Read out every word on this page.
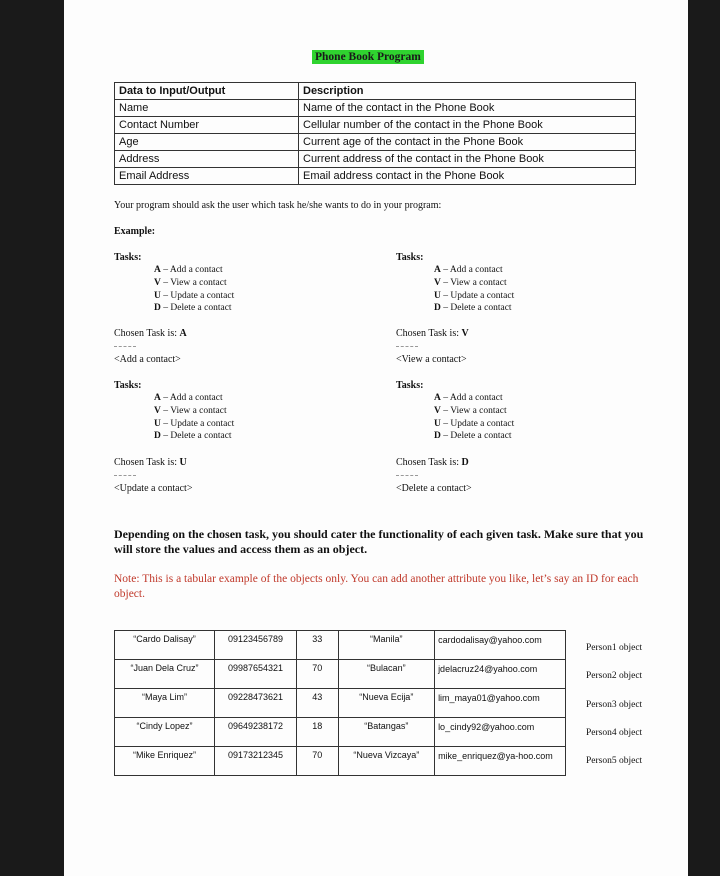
Phone Book Program
Data to Input/Output	Description
Name	Name of the contact in the Phone Book
Contact Number	Cellular number of the contact in the Phone Book
Age	Current age of the contact in the Phone Book
Address	Current address of the contact in the Phone Book
Email Address	Email address contact in the Phone Book
Your program should ask the user which task he/she wants to do in your program:
Example:
Tasks:
A – Add a contact
V – View a contact
U – Update a contact
D – Delete a contact
Chosen Task is: A
<Add a contact>
Tasks:
A – Add a contact
V – View a contact
U – Update a contact
D – Delete a contact
Chosen Task is: V
<View a contact>
Tasks:
A – Add a contact
V – View a contact
U – Update a contact
D – Delete a contact
Chosen Task is: U
<Update a contact>
Tasks:
A – Add a contact
V – View a contact
U – Update a contact
D – Delete a contact
Chosen Task is: D
<Delete a contact>
Depending on the chosen task, you should cater the functionality of each given task. Make sure that you will store the values and access them as an object.
Note: This is a tabular example of the objects only. You can add another attribute you like, let’s say an ID for each object.
“Cardo Dalisay”	09123456789	33	“Manila”	cardodalisay@yahoo.com
“Juan Dela Cruz”	09987654321	70	“Bulacan”	jdelacruz24@yahoo.com
“Maya Lim”	09228473621	43	“Nueva Ecija”	lim_maya01@yahoo.com
“Cindy Lopez”	09649238172	18	“Batangas”	lo_cindy92@yahoo.com
“Mike Enriquez”	09173212345	70	“Nueva Vizcaya”	mike_enriquez@ya-hoo.com
Person1 object
Person2 object
Person3 object
Person4 object
Person5 object
